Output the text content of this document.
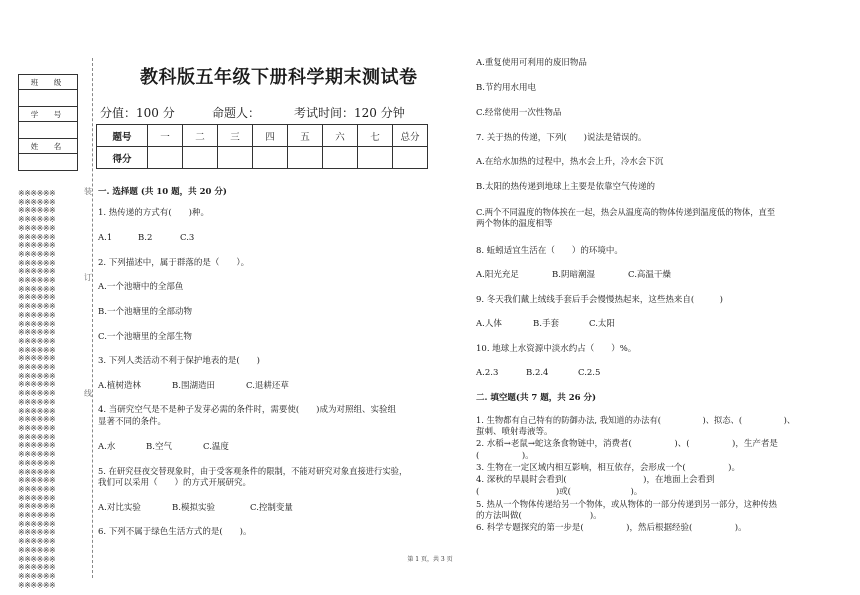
班　级

学　号

姓　名

※※※※※※
※※※※※※
※※※※※※
※※※※※※
※※※※※※
※※※※※※
※※※※※※
※※※※※※
※※※※※※
※※※※※※
※※※※※※
※※※※※※
※※※※※※
※※※※※※
※※※※※※
※※※※※※
※※※※※※
※※※※※※
※※※※※※
※※※※※※
※※※※※※
※※※※※※
※※※※※※
※※※※※※
※※※※※※
※※※※※※
※※※※※※
※※※※※※
※※※※※※
※※※※※※
※※※※※※
※※※※※※
※※※※※※
※※※※※※
※※※※※※
※※※※※※
※※※※※※
※※※※※※
※※※※※※
※※※※※※
※※※※※※
※※※※※※
※※※※※※
※※※※※※
※※※※※※
※※※※※※
装
订
线
教科版五年级下册科学期末测试卷
分值：100 分	命题人：	考试时间：120 分钟
题号	一	二	三	四	五	六	七	总分
得分								
一. 选择题 (共 10 题，共 20 分)
1. 热传递的方式有(　　)种。
A.1	B.2	C.3
2. 下列描述中，属于群落的是（　　）。
A.一个池塘中的全部鱼
B.一个池塘里的全部动物
C.一个池塘里的全部生物
3. 下列人类活动不利于保护地表的是(　　)
A.植树造林	B.围湖造田	C.退耕还草
4. 当研究空气是不是种子发芽必需的条件时，需要使(　　)成为对照组、实验组
显著不同的条件。
A.水	B.空气	C.温度
5. 在研究昼夜交替现象时，由于受客观条件的限制，不能对研究对象直接进行实验，
我们可以采用（　　）的方式开展研究。
A.对比实验	B.模拟实验	C.控制变量
6. 下列不属于绿色生活方式的是(　　)。
A.重复使用可利用的废旧物品
B.节约用水用电
C.经常使用一次性物品
7. 关于热的传递，下列(　　)说法是错误的。
A.在给水加热的过程中，热水会上升，冷水会下沉
B.太阳的热传递到地球上主要是依靠空气传递的
C.两个不同温度的物体挨在一起，热会从温度高的物体传递到温度低的物体，直至
两个物体的温度相等
8. 蚯蚓适宜生活在（　　）的环境中。
A.阳光充足	B.阴暗潮湿	C.高温干燥
9. 冬天我们戴上绒线手套后手会慢慢热起来，这些热来自(　　　)
A.人体	B.手套	C.太阳
10. 地球上水资源中淡水约占（　　）%。
A.2.3	B.2.4	C.2.5
二. 填空题(共 7 题，共 26 分)
1. 生物都有自己特有的防御办法, 我知道的办法有(　　　　　)、拟态、(　　　　　)、
蜇刺、喷射毒液等。
2. 水稻→老鼠→蛇这条食物链中，消费者(　　　　　)、(　　　　　)，生产者是
(　　　　　)。
3. 生物在一定区域内相互影响，相互依存，会形成一个(　　　　　)。
4. 深秋的早晨时会看到(　　　　　　　　　)，在地面上会看到
(　　　　　　　　　)或(　　　　　　　)。
5. 热从一个物体传递给另一个物体，或从物体的一部分传递到另一部分，这种传热
的方法叫做(　　　　　　　　)。
6. 科学专题探究的第一步是(　　　　　)，然后根据经验(　　　　　)。
第 1 页，共 3 页
